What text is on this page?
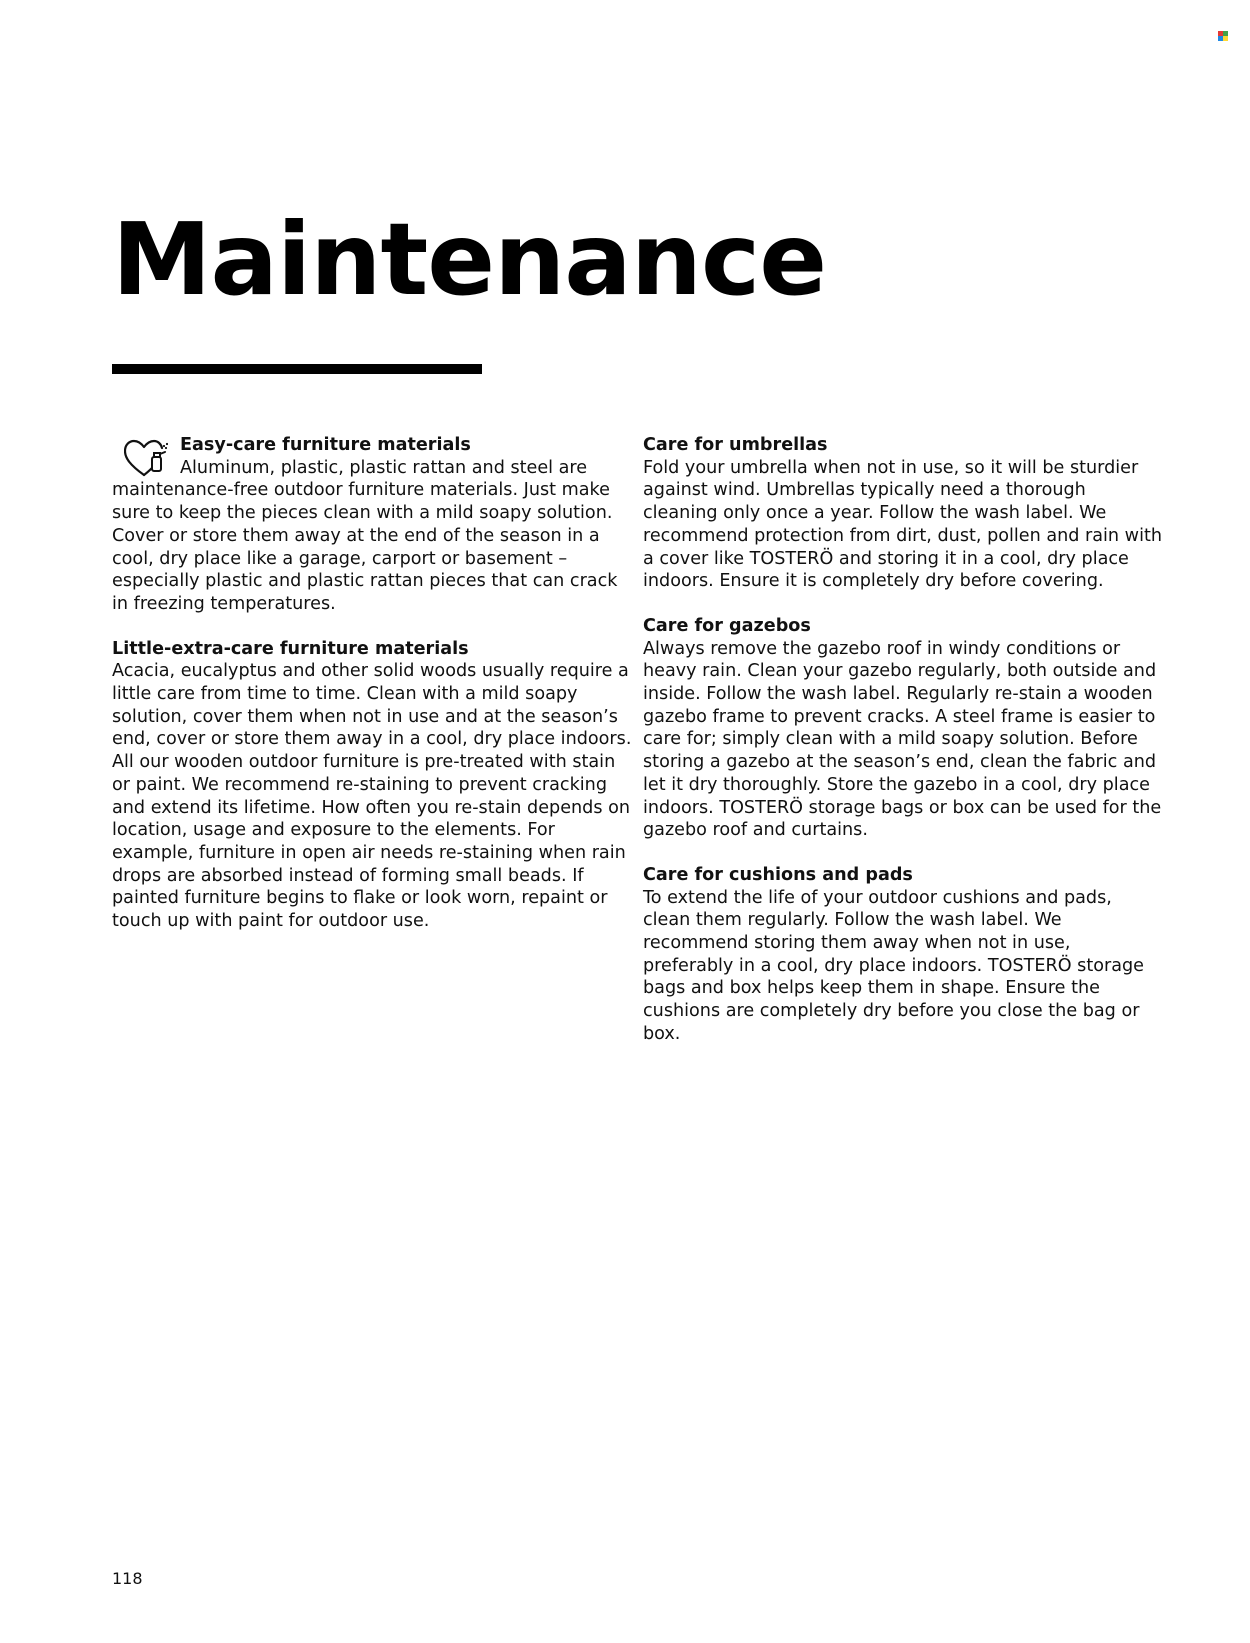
Maintenance
Easy-care furniture materials

Aluminum, plastic, plastic rattan and steel are maintenance-free outdoor furniture materials. Just make sure to keep the pieces clean with a mild soapy solution. Cover or store them away at the end of the season in a cool, dry place like a garage, carport or basement – especially plastic and plastic rattan pieces that can crack in freezing temperatures.

Little-extra-care furniture materials

Acacia, eucalyptus and other solid woods usually require a little care from time to time. Clean with a mild soapy solution, cover them when not in use and at the season’s end, cover or store them away in a cool, dry place indoors. All our wooden outdoor furniture is pre-treated with stain or paint. We recommend re-staining to prevent cracking and extend its lifetime. How often you re-stain depends on location, usage and exposure to the elements. For example, furniture in open air needs re-staining when rain drops are absorbed instead of forming small beads. If painted furniture begins to flake or look worn, repaint or touch up with paint for outdoor use.

Care for umbrellas

Fold your umbrella when not in use, so it will be sturdier against wind. Umbrellas typically need a thorough cleaning only once a year. Follow the wash label. We recommend protection from dirt, dust, pollen and rain with a cover like TOSTERÖ and storing it in a cool, dry place indoors. Ensure it is completely dry before covering.

Care for gazebos

Always remove the gazebo roof in windy conditions or heavy rain. Clean your gazebo regularly, both outside and inside. Follow the wash label. Regularly re-stain a wooden gazebo frame to prevent cracks. A steel frame is easier to care for; simply clean with a mild soapy solution. Before storing a gazebo at the season’s end, clean the fabric and let it dry thoroughly. Store the gazebo in a cool, dry place indoors. TOSTERÖ storage bags or box can be used for the gazebo roof and curtains.

Care for cushions and pads

To extend the life of your outdoor cushions and pads, clean them regularly. Follow the wash label. We recommend storing them away when not in use, preferably in a cool, dry place indoors. TOSTERÖ storage bags and box helps keep them in shape. Ensure the cushions are completely dry before you close the bag or box.

118
